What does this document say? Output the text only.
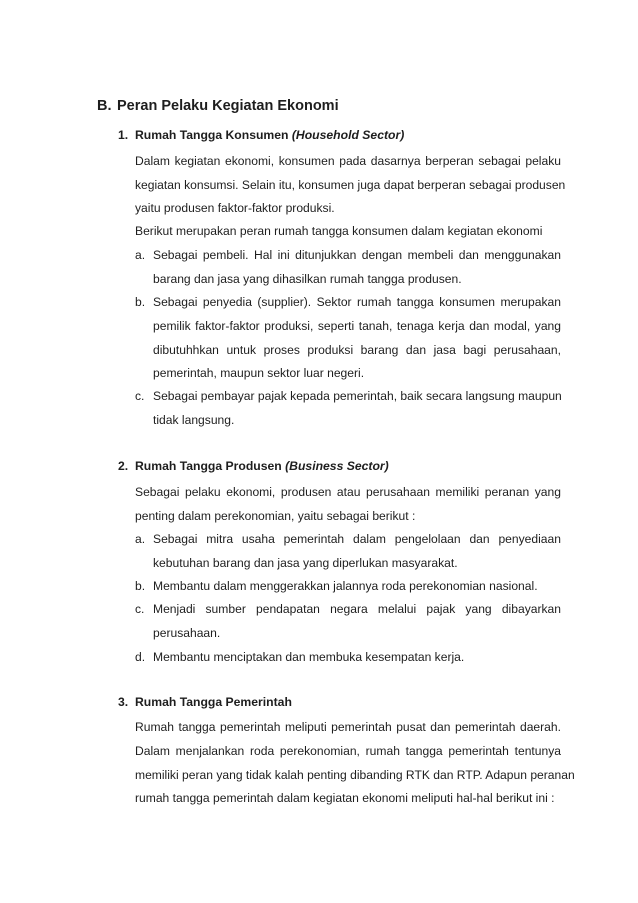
B. Peran Pelaku Kegiatan Ekonomi
1. Rumah Tangga Konsumen (Household Sector)
Dalam kegiatan ekonomi, konsumen pada dasarnya berperan sebagai pelaku
kegiatan konsumsi. Selain itu, konsumen juga dapat berperan sebagai produsen
yaitu produsen faktor-faktor produksi.
Berikut merupakan peran rumah tangga konsumen dalam kegiatan ekonomi
a. Sebagai pembeli. Hal ini ditunjukkan dengan membeli dan menggunakan
barang dan jasa yang dihasilkan rumah tangga produsen.
b. Sebagai penyedia (supplier). Sektor rumah tangga konsumen merupakan
pemilik faktor-faktor produksi, seperti tanah, tenaga kerja dan modal, yang
dibutuhhkan untuk proses produksi barang dan jasa bagi perusahaan,
pemerintah, maupun sektor luar negeri.
c. Sebagai pembayar pajak kepada pemerintah, baik secara langsung maupun
tidak langsung.
2. Rumah Tangga Produsen (Business Sector)
Sebagai pelaku ekonomi, produsen atau perusahaan memiliki peranan yang
penting dalam perekonomian, yaitu sebagai berikut :
a. Sebagai mitra usaha pemerintah dalam pengelolaan dan penyediaan
kebutuhan barang dan jasa yang diperlukan masyarakat.
b. Membantu dalam menggerakkan jalannya roda perekonomian nasional.
c. Menjadi sumber pendapatan negara melalui pajak yang dibayarkan
perusahaan.
d. Membantu menciptakan dan membuka kesempatan kerja.
3. Rumah Tangga Pemerintah
Rumah tangga pemerintah meliputi pemerintah pusat dan pemerintah daerah.
Dalam menjalankan roda perekonomian, rumah tangga pemerintah tentunya
memiliki peran yang tidak kalah penting dibanding RTK dan RTP. Adapun peranan
rumah tangga pemerintah dalam kegiatan ekonomi meliputi hal-hal berikut ini :
